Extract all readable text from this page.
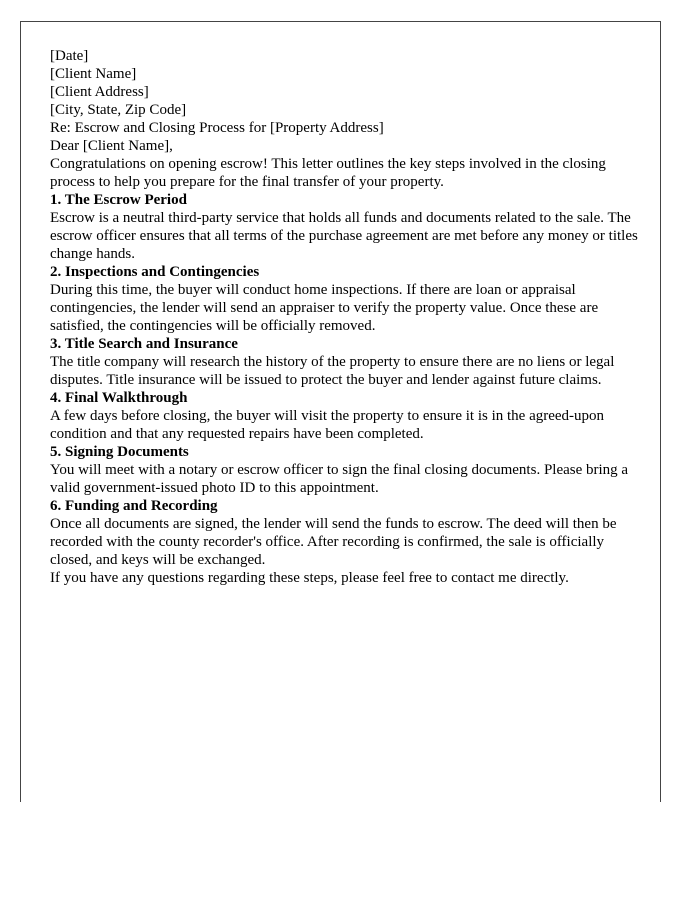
[Date]

[Client Name]
[Client Address]
[City, State, Zip Code]

Re: Escrow and Closing Process for [Property Address]

Dear [Client Name],

Congratulations on opening escrow! This letter outlines the key steps involved in the closing process to help you prepare for the final transfer of your property.

1. The Escrow Period
Escrow is a neutral third-party service that holds all funds and documents related to the sale. The escrow officer ensures that all terms of the purchase agreement are met before any money or titles change hands.

2. Inspections and Contingencies
During this time, the buyer will conduct home inspections. If there are loan or appraisal contingencies, the lender will send an appraiser to verify the property value. Once these are satisfied, the contingencies will be officially removed.

3. Title Search and Insurance
The title company will research the history of the property to ensure there are no liens or legal disputes. Title insurance will be issued to protect the buyer and lender against future claims.

4. Final Walkthrough
A few days before closing, the buyer will visit the property to ensure it is in the agreed-upon condition and that any requested repairs have been completed.

5. Signing Documents
You will meet with a notary or escrow officer to sign the final closing documents. Please bring a valid government-issued photo ID to this appointment.

6. Funding and Recording
Once all documents are signed, the lender will send the funds to escrow. The deed will then be recorded with the county recorder's office. After recording is confirmed, the sale is officially closed, and keys will be exchanged.

If you have any questions regarding these steps, please feel free to contact me directly.
